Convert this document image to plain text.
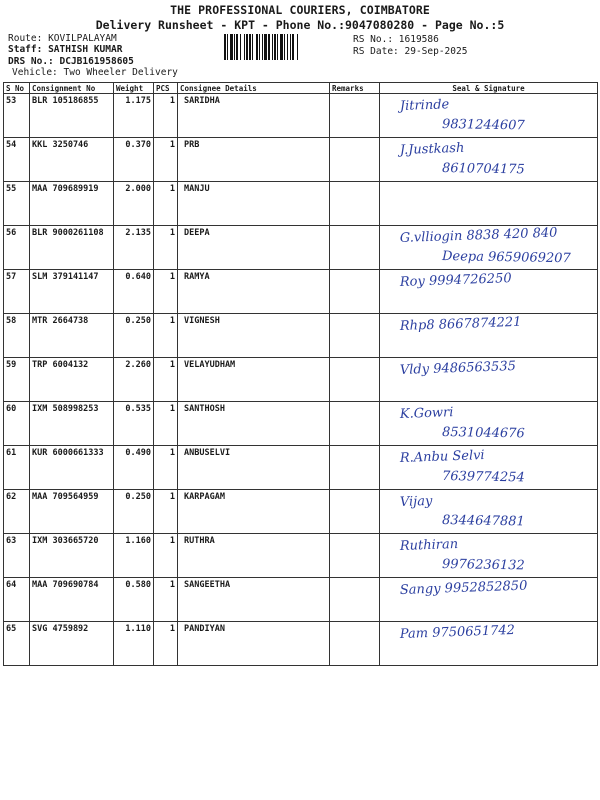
THE PROFESSIONAL COURIERS, COIMBATORE
Delivery Runsheet - KPT - Phone No.:9047080280 - Page No.:5
Route: KOVILPALAYAM
Staff: SATHISH KUMAR
DRS No.: DCJB161958605
Vehicle: Two Wheeler Delivery
RS No.: 1619586
RS Date: 29-Sep-2025
S No	Consignment No	Weight	PCS	Consignee Details	Remarks	Seal & Signature
53	BLR 105186855	1.175	1	SARIDHA		Jitrinde
9831244607

54	KKL 3250746	0.370	1	PRB		J.Justkash
8610704175

55	MAA 709689919	2.000	1	MANJU		

56	BLR 9000261108	2.135	1	DEEPA		G.vlliogin 8838 420 840
Deepa 9659069207

57	SLM 379141147	0.640	1	RAMYA		Roy 9994726250

58	MTR 2664738	0.250	1	VIGNESH		Rhp8 8667874221

59	TRP 6004132	2.260	1	VELAYUDHAM		Vldy 9486563535

60	IXM 508998253	0.535	1	SANTHOSH		K.Gowri
8531044676

61	KUR 6000661333	0.490	1	ANBUSELVI		R.Anbu Selvi
7639774254

62	MAA 709564959	0.250	1	KARPAGAM		Vijay
8344647881

63	IXM 303665720	1.160	1	RUTHRA		Ruthiran
9976236132

64	MAA 709690784	0.580	1	SANGEETHA		Sangy 9952852850

65	SVG 4759892	1.110	1	PANDIYAN		Pam 9750651742
